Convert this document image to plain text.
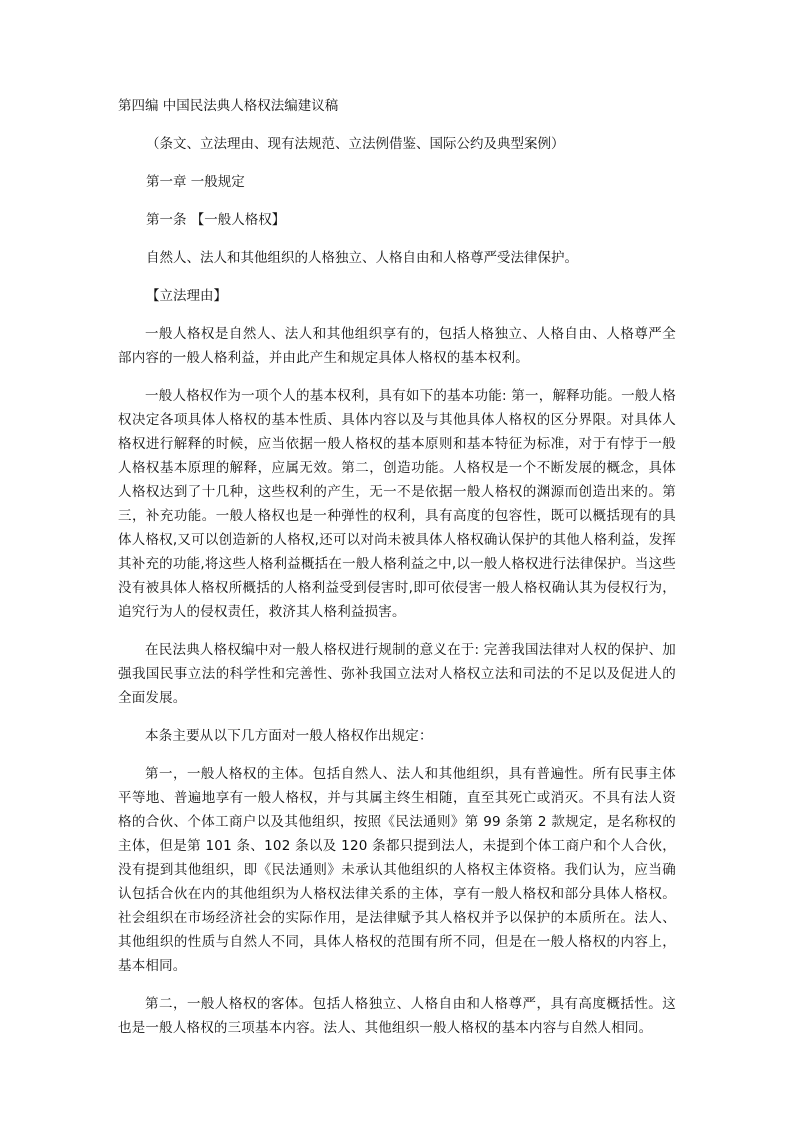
第四编 中国民法典人格权法编建议稿

（条文、立法理由、现有法规范、立法例借鉴、国际公约及典型案例）

第一章 一般规定

第一条 【一般人格权】

自然人、法人和其他组织的人格独立、人格自由和人格尊严受法律保护。

【立法理由】

一般人格权是自然人、法人和其他组织享有的，包括人格独立、人格自由、人格尊严全部内容的一般人格利益，并由此产生和规定具体人格权的基本权利。

一般人格权作为一项个人的基本权利，具有如下的基本功能: 第一，解释功能。一般人格权决定各项具体人格权的基本性质、具体内容以及与其他具体人格权的区分界限。对具体人格权进行解释的时候，应当依据一般人格权的基本原则和基本特征为标准，对于有悖于一般人格权基本原理的解释，应属无效。第二，创造功能。人格权是一个不断发展的概念，具体人格权达到了十几种，这些权利的产生，无一不是依据一般人格权的渊源而创造出来的。第三，补充功能。一般人格权也是一种弹性的权利，具有高度的包容性，既可以概括现有的具体人格权,又可以创造新的人格权,还可以对尚未被具体人格权确认保护的其他人格利益，发挥其补充的功能,将这些人格利益概括在一般人格利益之中,以一般人格权进行法律保护。当这些没有被具体人格权所概括的人格利益受到侵害时,即可依侵害一般人格权确认其为侵权行为，追究行为人的侵权责任，救济其人格利益损害。

在民法典人格权编中对一般人格权进行规制的意义在于: 完善我国法律对人权的保护、加强我国民事立法的科学性和完善性、弥补我国立法对人格权立法和司法的不足以及促进人的全面发展。

本条主要从以下几方面对一般人格权作出规定：

第一，一般人格权的主体。包括自然人、法人和其他组织，具有普遍性。所有民事主体平等地、普遍地享有一般人格权，并与其属主终生相随，直至其死亡或消灭。不具有法人资格的合伙、个体工商户以及其他组织，按照《民法通则》第 99 条第 2 款规定，是名称权的主体，但是第 101 条、102 条以及 120 条都只提到法人，未提到个体工商户和个人合伙，没有提到其他组织，即《民法通则》未承认其他组织的人格权主体资格。我们认为，应当确认包括合伙在内的其他组织为人格权法律关系的主体，享有一般人格权和部分具体人格权。社会组织在市场经济社会的实际作用，是法律赋予其人格权并予以保护的本质所在。法人、其他组织的性质与自然人不同，具体人格权的范围有所不同，但是在一般人格权的内容上，基本相同。

第二，一般人格权的客体。包括人格独立、人格自由和人格尊严，具有高度概括性。这也是一般人格权的三项基本内容。法人、其他组织一般人格权的基本内容与自然人相同。
